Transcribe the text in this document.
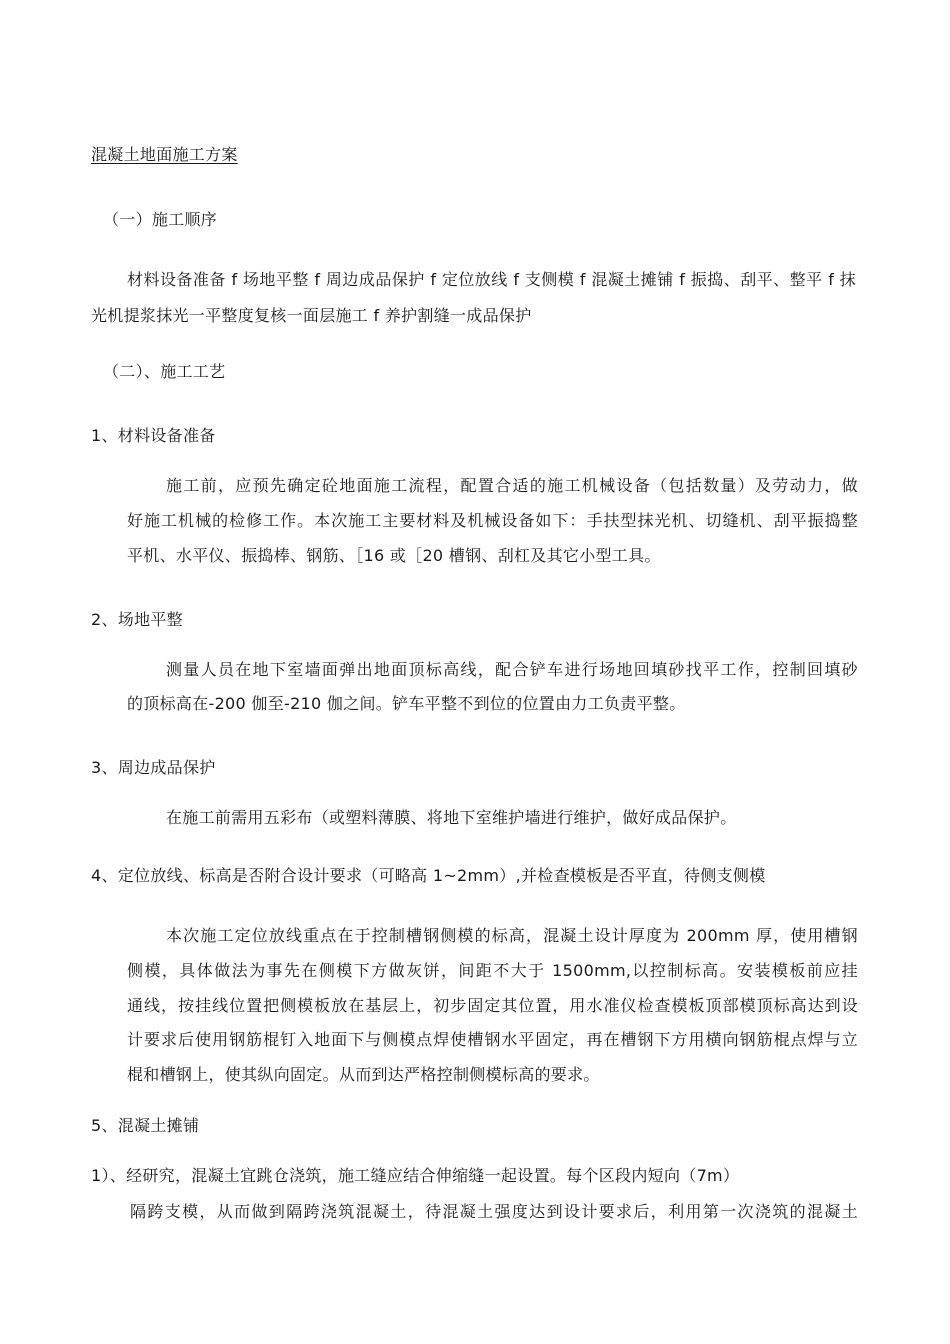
混凝土地面施工方案

（一）施工顺序

材料设备准备 f 场地平整 f 周边成品保护 f 定位放线 f 支侧模 f 混凝土摊铺 f 振捣、刮平、整平 f 抹

光机提浆抹光一平整度复核一面层施工 f 养护割缝一成品保护

（二）、施工工艺

1、材料设备准备

施工前，应预先确定砼地面施工流程，配置合适的施工机械设备（包括数量）及劳动力，做

好施工机械的检修工作。本次施工主要材料及机械设备如下：手扶型抹光机、切缝机、刮平振捣整

平机、水平仪、振捣棒、钢筋、［16 或［20 槽钢、刮杠及其它小型工具。

2、场地平整

测量人员在地下室墙面弹出地面顶标高线，配合铲车进行场地回填砂找平工作，控制回填砂

的顶标高在-200 伽至-210 伽之间。铲车平整不到位的位置由力工负责平整。

3、周边成品保护

在施工前需用五彩布（或塑料薄膜、将地下室维护墙进行维护，做好成品保护。

4、定位放线、标高是否附合设计要求（可略高 1~2mm）,并检查模板是否平直，待侧支侧模

本次施工定位放线重点在于控制槽钢侧模的标高，混凝土设计厚度为 200mm 厚，使用槽钢

侧模，具体做法为事先在侧模下方做灰饼，间距不大于 1500mm,以控制标高。安装模板前应挂

通线，按挂线位置把侧模板放在基层上，初步固定其位置，用水准仪检查模板顶部模顶标高达到设

计要求后使用钢筋棍钉入地面下与侧模点焊使槽钢水平固定，再在槽钢下方用横向钢筋棍点焊与立

棍和槽钢上，使其纵向固定。从而到达严格控制侧模标高的要求。

5、混凝土摊铺

1）、经研究，混凝土宜跳仓浇筑，施工缝应结合伸缩缝一起设置。每个区段内短向（7m）

隔跨支模，从而做到隔跨浇筑混凝土，待混凝土强度达到设计要求后，利用第一次浇筑的混凝土
